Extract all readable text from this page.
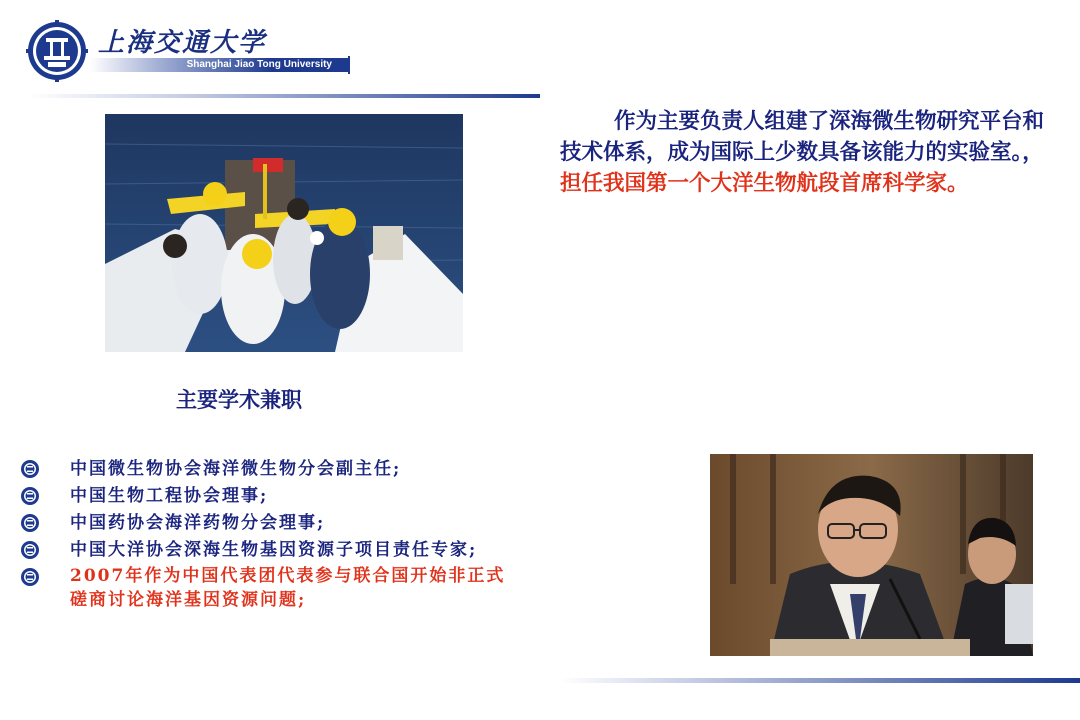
上海交通大学
Shanghai Jiao Tong University
作为主要负责人组建了深海微生物研究平台和技术体系，成为国际上少数具备该能力的实验室。，担任我国第一个大洋生物航段首席科学家。
主要学术兼职
中国微生物协会海洋微生物分会副主任;
中国生物工程协会理事;
中国药协会海洋药物分会理事;
中国大洋协会深海生物基因资源子项目责任专家;
2007年作为中国代表团代表参与联合国开始非正式
磋商讨论海洋基因资源问题;
